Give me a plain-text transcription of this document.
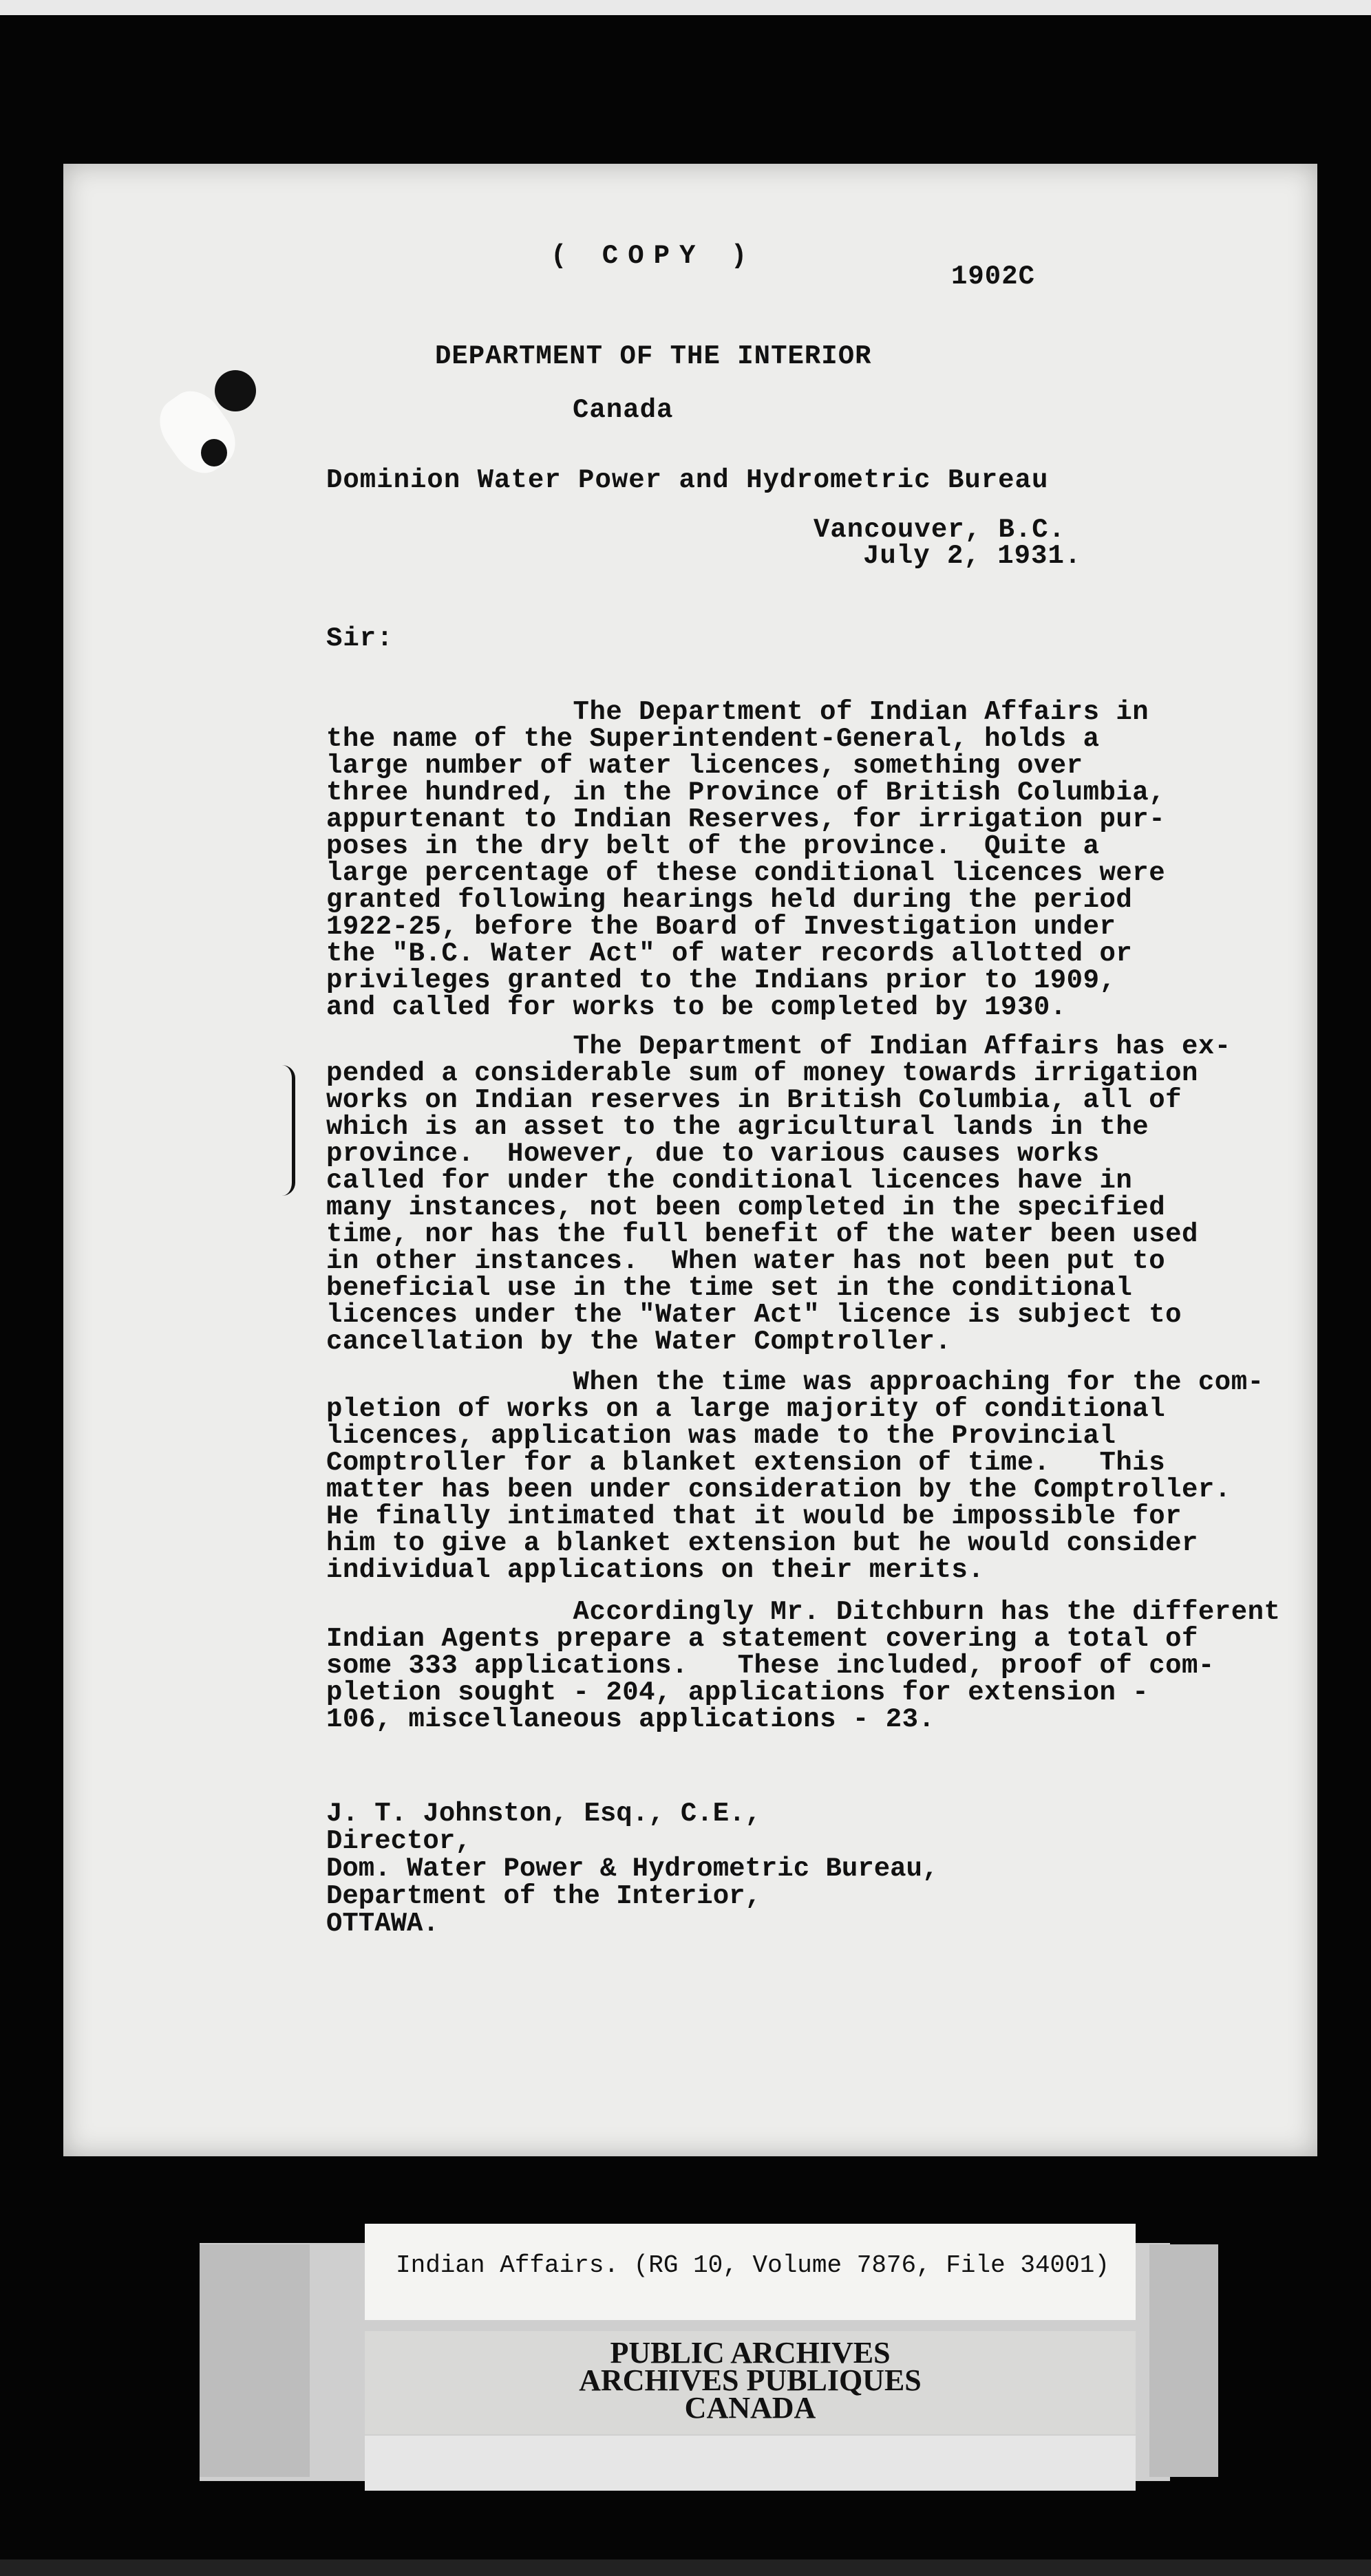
( COPY )
1902C
DEPARTMENT OF THE INTERIOR
Canada
Dominion Water Power and Hydrometric Bureau
Vancouver, B.C.
July 2, 1931.
Sir:
The Department of Indian Affairs in
the name of the Superintendent-General, holds a
large number of water licences, something over
three hundred, in the Province of British Columbia,
appurtenant to Indian Reserves, for irrigation pur-
poses in the dry belt of the province.  Quite a
large percentage of these conditional licences were
granted following hearings held during the period
1922-25, before the Board of Investigation under
the "B.C. Water Act" of water records allotted or
privileges granted to the Indians prior to 1909,
and called for works to be completed by 1930.
The Department of Indian Affairs has ex-
pended a considerable sum of money towards irrigation
works on Indian reserves in British Columbia, all of
which is an asset to the agricultural lands in the
province.  However, due to various causes works
called for under the conditional licences have in
many instances, not been completed in the specified
time, nor has the full benefit of the water been used
in other instances.  When water has not been put to
beneficial use in the time set in the conditional
licences under the "Water Act" licence is subject to
cancellation by the Water Comptroller.
When the time was approaching for the com-
pletion of works on a large majority of conditional
licences, application was made to the Provincial
Comptroller for a blanket extension of time.   This
matter has been under consideration by the Comptroller.
He finally intimated that it would be impossible for
him to give a blanket extension but he would consider
individual applications on their merits.
Accordingly Mr. Ditchburn has the different
Indian Agents prepare a statement covering a total of
some 333 applications.   These included, proof of com-
pletion sought - 204, applications for extension -
106, miscellaneous applications - 23.
J. T. Johnston, Esq., C.E.,
Director,
Dom. Water Power & Hydrometric Bureau,
Department of the Interior,
OTTAWA.
Indian Affairs. (RG 10, Volume 7876, File 34001)
PUBLIC ARCHIVES
ARCHIVES PUBLIQUES
CANADA
